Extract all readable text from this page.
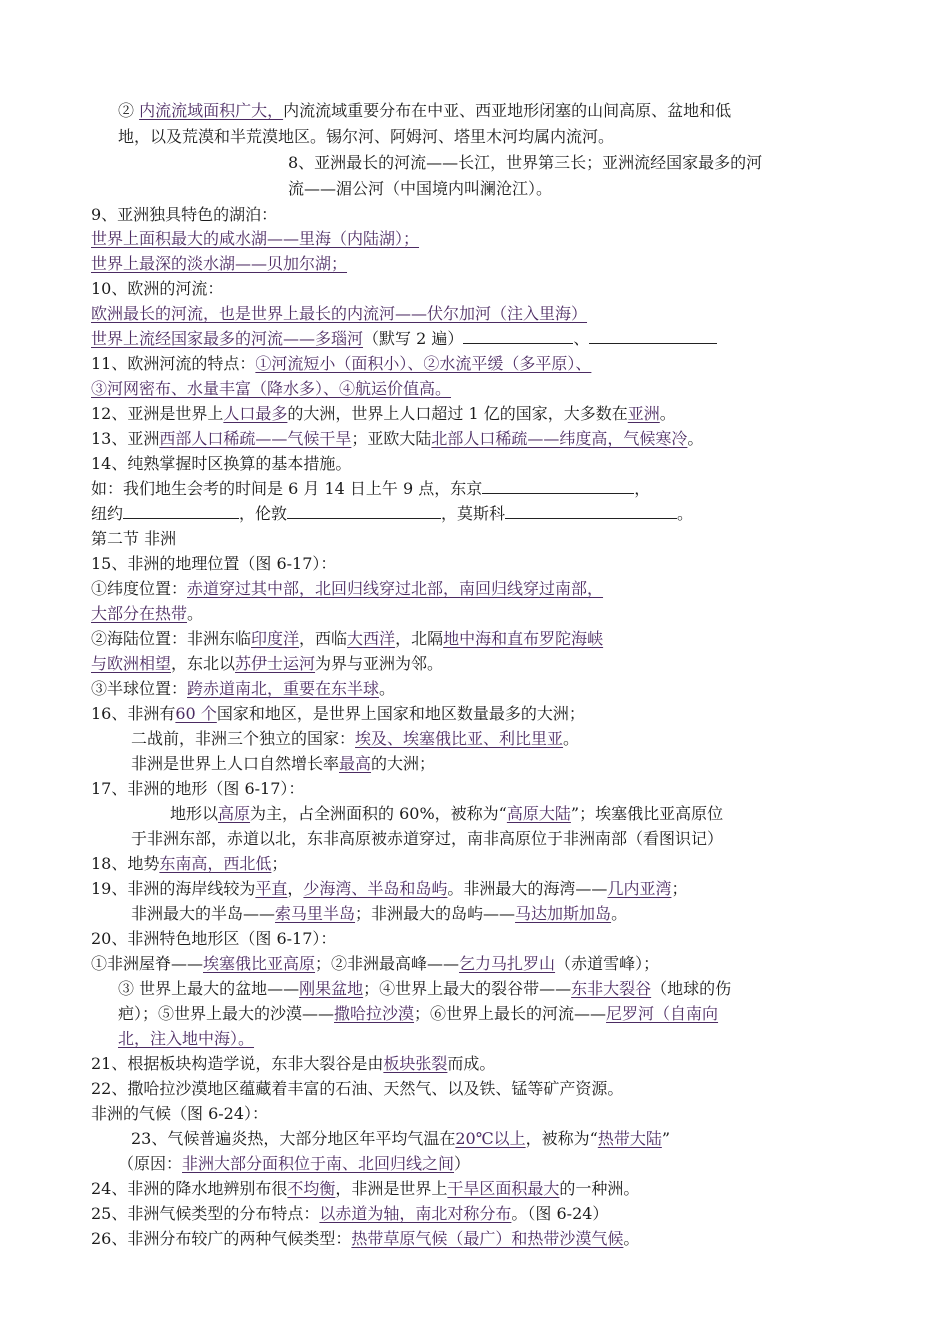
② 内流流域面积广大，内流流域重要分布在中亚、西亚地形闭塞的山间高原、盆地和低
地，以及荒漠和半荒漠地区。锡尔河、阿姆河、塔里木河均属内流河。
8、亚洲最长的河流——长江，世界第三长；亚洲流经国家最多的河
流——湄公河（中国境内叫澜沧江）。
9、亚洲独具特色的湖泊：
世界上面积最大的咸水湖——里海（内陆湖）；
世界上最深的淡水湖——贝加尔湖；
10、欧洲的河流：
欧洲最长的河流，也是世界上最长的内流河——伏尔加河（注入里海）
世界上流经国家最多的河流——多瑙河（默写 2 遍）	、
11、欧洲河流的特点：①河流短小（面积小）、②水流平缓（多平原）、
③河网密布、水量丰富（降水多）、④航运价值高。
12、亚洲是世界上人口最多的大洲，世界上人口超过 1 亿的国家，大多数在亚洲。
13、亚洲西部人口稀疏——气候干旱；亚欧大陆北部人口稀疏——纬度高，气候寒冷。
14、纯熟掌握时区换算的基本措施。
如：我们地生会考的时间是 6 月 14 日上午 9 点，东京	，
纽约	，伦敦	，莫斯科	。
第二节 非洲
15、非洲的地理位置（图 6-17）：
①纬度位置：赤道穿过其中部，北回归线穿过北部，南回归线穿过南部，
大部分在热带。
②海陆位置：非洲东临印度洋，西临大西洋，北隔地中海和直布罗陀海峡
与欧洲相望，东北以苏伊士运河为界与亚洲为邻。
③半球位置：跨赤道南北，重要在东半球。
16、非洲有60 个国家和地区，是世界上国家和地区数量最多的大洲；
二战前，非洲三个独立的国家：埃及、埃塞俄比亚、利比里亚。
非洲是世界上人口自然增长率最高的大洲；
17、非洲的地形（图 6-17）：
地形以高原为主，占全洲面积的 60%，被称为“高原大陆”；埃塞俄比亚高原位
于非洲东部，赤道以北，东非高原被赤道穿过，南非高原位于非洲南部（看图识记）
18、地势东南高，西北低；
19、非洲的海岸线较为平直，少海湾、半岛和岛屿。非洲最大的海湾——几内亚湾；
非洲最大的半岛——索马里半岛；非洲最大的岛屿——马达加斯加岛。
20、非洲特色地形区（图 6-17）：
①非洲屋脊——埃塞俄比亚高原；②非洲最高峰——乞力马扎罗山（赤道雪峰）；
③ 世界上最大的盆地——刚果盆地；④世界上最大的裂谷带——东非大裂谷（地球的伤
疤）；⑤世界上最大的沙漠——撒哈拉沙漠；⑥世界上最长的河流——尼罗河（自南向
北，注入地中海）。
21、根据板块构造学说，东非大裂谷是由板块张裂而成。
22、撒哈拉沙漠地区蕴藏着丰富的石油、天然气、以及铁、锰等矿产资源。
非洲的气候（图 6-24）：
23、气候普遍炎热，大部分地区年平均气温在20℃以上，被称为“热带大陆”
（原因：非洲大部分面积位于南、北回归线之间）
24、非洲的降水地辨别布很不均衡，非洲是世界上干旱区面积最大的一种洲。
25、非洲气候类型的分布特点：以赤道为轴，南北对称分布。（图 6-24）
26、非洲分布较广的两种气候类型：热带草原气候（最广）和热带沙漠气候。
